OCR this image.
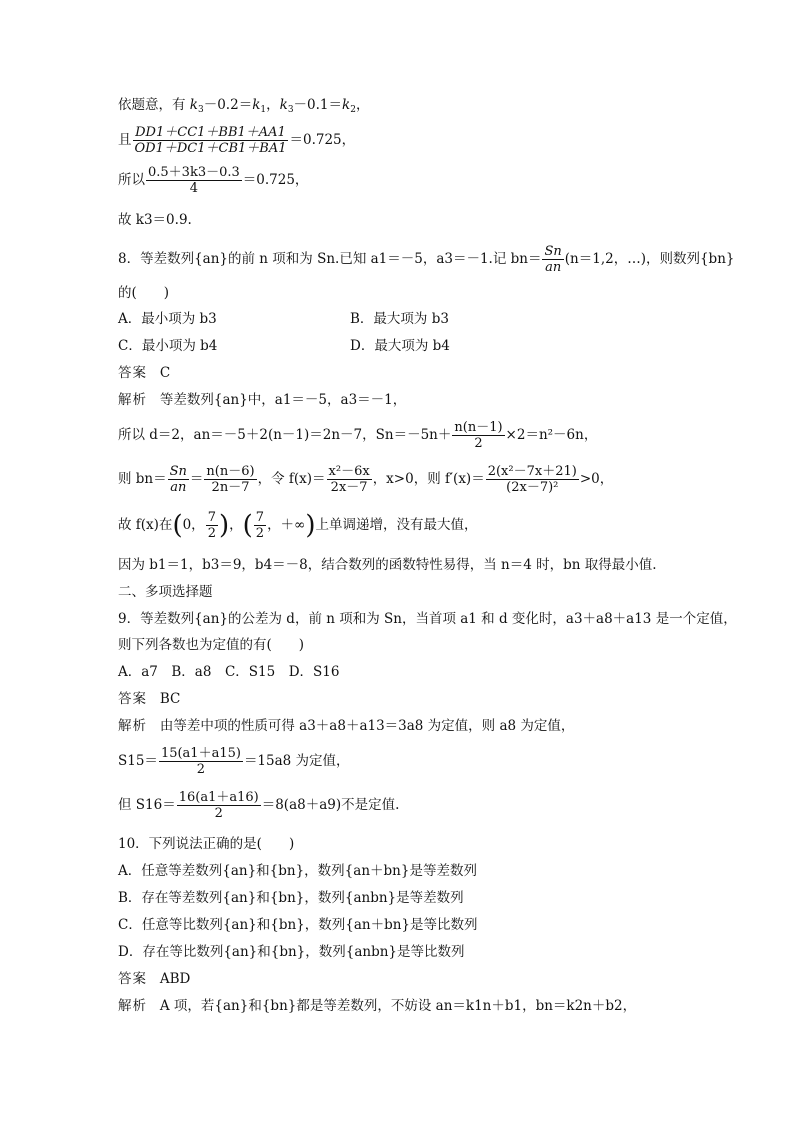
依题意，有 $k_3-0.2=k_1$，$k_3-0.1=k_2$，
且 $\frac{DD1+CC1+BB1+AA1}{OD1+DC1+CB1+BA1} =0.725$，
所以 $\frac{0.5+3k3-0.3}{4} =0.725$，
故 k3＝0.9.
8．等差数列{an}的前 n 项和为 Sn.已知 a1＝－5，a3＝－1.记 $bn= \frac{Sn}{an} (n=1,2$，…)，则数列{bn}
的(　　)
A．最小项为 b3	B．最大项为 b3
C．最小项为 b4	D．最大项为 b4
答案 C
解析 等差数列{an}中，a1＝－5，a3＝－1，
所以 d＝2，an＝－5＋2(n－1)＝2n－7，$Sn=-5n+ \frac{n(n-1)}{2} \times 2=n^2-6n$，
则 $bn= \frac{Sn}{an} = \frac{n(n-6)}{2n-7}$ ，令 $f(x)= \frac{\text{x²－6x}}{2x-7}$ ，x>0，则 $f'(x)= \frac{\text{2(x²－7x＋21)}}{\text{(2x－7)²}} >0$，
故 f(x)在(0， $\frac{7}{2}$ )，( $\frac{7}{2}$ ，＋∞)上单调递增，没有最大值，
因为 b1＝1，b3＝9，b4＝－8，结合数列的函数特性易得，当 n＝4 时，bn 取得最小值.
二、多项选择题
9．等差数列{an}的公差为 d，前 n 项和为 Sn，当首项 a1 和 d 变化时，a3＋a8＋a13 是一个定值，
则下列各数也为定值的有(　　)
A．a7　B．a8　C．S15　D．S16
答案 BC
解析 由等差中项的性质可得 a3＋a8＋a13＝3a8 为定值，则 a8 为定值，
$S15= \frac{15(a1+a15)}{2} =15a8$ 为定值，
但 $S16= \frac{16(a1+a16)}{2} =8(a8+a9)$不是定值.
10．下列说法正确的是(　　)
A．任意等差数列{an}和{bn}，数列{an＋bn}是等差数列
B．存在等差数列{an}和{bn}，数列{anbn}是等差数列
C．任意等比数列{an}和{bn}，数列{an＋bn}是等比数列
D．存在等比数列{an}和{bn}，数列{anbn}是等比数列
答案 ABD
解析 A 项，若{an}和{bn}都是等差数列，不妨设 an＝k1n＋b1，bn＝k2n＋b2，
